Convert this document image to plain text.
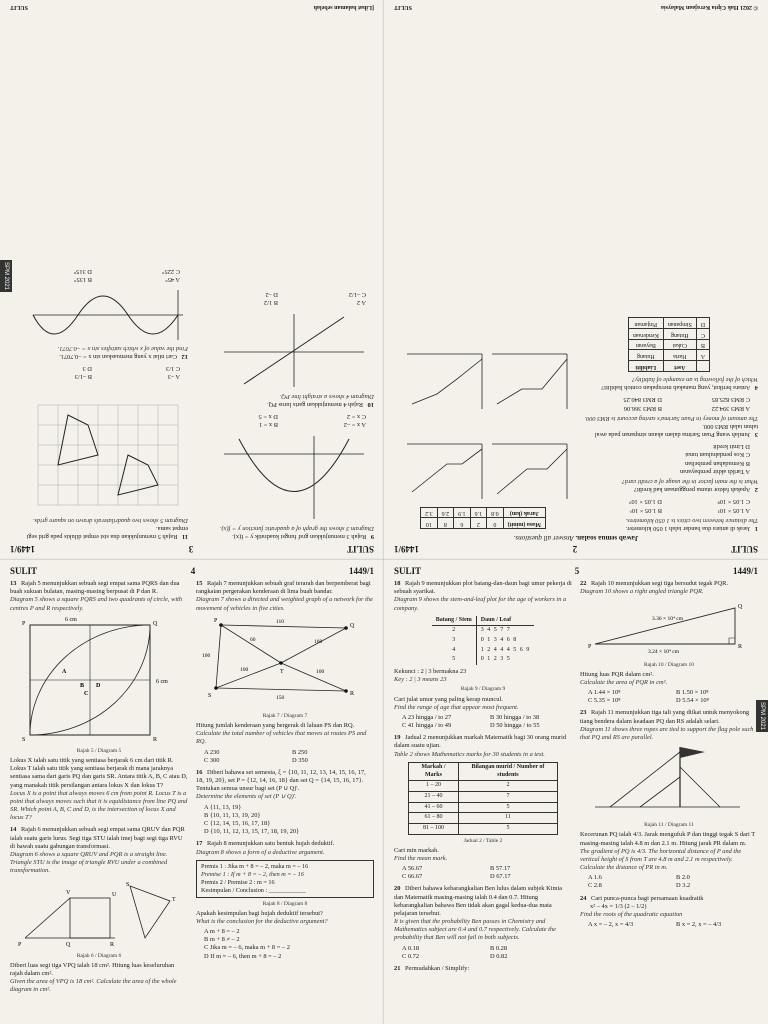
SULIT
3
1449/1
9 Rajah 3 menunjukkan graf fungsi kuadratik y = f(x).
Diagram 3 shows the graph of a quadratic function y = f(x).
A x = –2
B x = 1
C x = 2
D x = 5
10 Rajah 4 menunjukkan garis lurus PQ.
Diagram 4 shows a straight line PQ.
A 2
B 1/2
C –1/2
D –2
11 Rajah 5 menunjukkan dua sisi empat dilukis pada grid segi empat sama.
Diagram 5 shows two quadrilaterals drawn on square grids.
A –3
B –1/3
C 1/3
D 3
12 Cari nilai x yang memuaskan sin x = –0.7071.
Find the value of x which satisfies sin x = –0.7071.
A 45°
B 135°
C 225°
D 315°
[Lihat halaman sebelah
SULIT
SPM 2021
SULIT
2
1449/1
Jawab semua soalan. Answer all questions.
1 Jarak di antara dua bandar ialah 1 050 kilometer.
The distance between two cities is 1 050 kilometres.
A 1.05 × 10³
B 1.05 × 10⁶
C 1.05 × 10⁸
D 1.05 × 10⁹
2 Apakah faktor utama penggunaan kad kredit?
What is the main factor in the usage of a credit card?
A Tarikh akhir pembayaran
B Kemudahan pembelian
C Kos pendahuluan tunai
D Limit kredit
3 Jumlah wang Puan Sarima dalam akaun simpanan pada awal tahun ialah RM3 000.
The amount of money in Puan Sarima's saving account is RM3 000.
A RM3 394.22
B RM3 366.06
C RM3 825.85
D RM3 840.25
4 Antara berikut, yang manakah merupakan contoh liabiliti?
Which of the following is an example of liability?
	Aset	Liabiliti
A	Harta	Hutang
B	Cukai	Bayaran
C	Hutang	Kenderaan
D	Simpanan	Pinjaman
Masa (minit)	0	2	6	8	10
Jarak (km)	0.8	1.6	1.9	2.6	3.2
© 2021 Hak Cipta Kerajaan Malaysia
SULIT
SULIT	4	1449/1
13 Rajah 5 menunjukkan sebuah segi empat sama PQRS dan dua buah sukuan bulatan, masing-masing berpusat di P dan R.
Diagram 5 shows a square PQRS and two quadrants of circle, with centres P and R respectively.
6 cm
P	Q
R
S
A
B
C
D
6 cm
Rajah 5 / Diagram 5
Lokus X ialah satu titik yang sentiasa berjarak 6 cm dari titik R. Lokus T ialah satu titik yang sentiasa berjarak di mana jaraknya sentiasa sama dari garis PQ dan garis SR. Antara titik A, B, C atau D, yang manakah titik persilangan antara lokus X dan lokus T?
Locus X is a point that always moves 6 cm from point R. Locus T is a point that always moves such that it is equidistance from line PQ and SR. Which point A, B, C and D, is the intersection of locus X and locus T?
14 Rajah 6 menunjukkan sebuah segi empat sama QRUV dan PQR ialah suatu garis lurus. Segi tiga STU ialah imej bagi segi tiga RVU di bawah suatu gabungan transformasi.
Diagram 6 shows a square QRUV and PQR is a straight line. Triangle STU is the image of triangle RVU under a combined transformation.
P	Q	R
S
T
U
V
Rajah 6 / Diagram 6
Diberi luas segi tiga VPQ ialah 18 cm². Hitung luas keseluruhan rajah dalam cm².
Given the area of VPQ is 18 cm². Calculate the area of the whole diagram in cm².
15 Rajah 7 menunjukkan sebuah graf terarah dan berpemberat bagi rangkaian pergerakan kenderaan di lima buah bandar.
Diagram 7 shows a directed and weighted graph of a network for the movement of vehicles in five cities.
P
Q
R
S
T
110
60	160
100
100	100
150
Rajah 7 / Diagram 7
Hitung jumlah kenderaan yang bergerak di laluan PS dan RQ.
Calculate the total number of vehicles that moves at routes PS and RQ.
A 230	B 250
C 300	D 350
16 Diberi bahawa set semesta, ξ = {10, 11, 12, 13, 14, 15, 16, 17, 18, 19, 20}, set P = {12, 14, 16, 18} dan set Q = {14, 15, 16, 17}.
Tentukan semua unsur bagi set (P ∪ Q)'.
Determine the elements of set (P ∪ Q)'.
A {11, 13, 19}
B {10, 11, 13, 19, 20}
C {12, 14, 15, 16, 17, 18}
D {10, 11, 12, 13, 15, 17, 18, 19, 20}
17 Rajah 8 menunjukkan satu bentuk hujah deduktif.
Diagram 8 shows a form of a deductive argument.
Premis 1 : Jika m + 8 = – 2, maka m = – 16
Premise 1 : If m + 8 = – 2, then m = – 16
Premis 2 / Premise 2 : m = 16
Kesimpulan / Conclusion : ____________
Rajah 8 / Diagram 8
Apakah kesimpulan bagi hujah deduktif tersebut?
What is the conclusion for the deductive argument?
A m + 8 = – 2
B m + 8 ≠ – 2
C Jika m = – 6, maka m + 8 = – 2
D If m = – 6, then m + 8 = – 2
SULIT	5	1449/1
18 Rajah 9 menunjukkan plot batang-dan-daun bagi umur pekerja di sebuah syarikat.
Diagram 9 shows the stem-and-leaf plot for the age of workers in a company.
Batang / Stem	Daun / Leaf
2	3 4 5 7 7
3	0 1 3 4 6 8
4	1 2 4 4 4 5 6 9
5	0 1 2 3 5
Kekunci : 2 | 3 bermakna 23
Key : 2 | 3 means 23
Rajah 9 / Diagram 9
Cari julat umur yang paling kerap muncul.
Find the range of age that appear most frequent.
A 23 hingga / to 27	B 30 hingga / to 38
C 41 hingga / to 49	D 50 hingga / to 55
19 Jadual 2 menunjukkan markah Matematik bagi 30 orang murid dalam suatu ujian.
Table 2 shows Mathematics marks for 30 students in a test.
Markah / Marks	Bilangan murid / Number of students
1 – 20	2
21 – 40	7
41 – 60	5
61 – 80	11
81 – 100	5
Jadual 2 / Table 2
Cari min markah.
Find the mean mark.
A 56.67	B 57.17
C 66.67	D 67.17
20 Diberi bahawa kebarangkalian Ben lulus dalam subjek Kimia dan Matematik masing-masing ialah 0.4 dan 0.7. Hitung kebarangkalian bahawa Ben tidak akan gagal kedua-dua mata pelajaran tersebut.
It is given that the probability Ben passes in Chemistry and Mathematics subject are 0.4 and 0.7 respectively. Calculate the probability that Ben will not fail in both subjects.
A 0.18	B 0.28
C 0.72	D 0.82
21 Permudahkan / Simplify:
22 Rajah 10 menunjukkan segi tiga bersudut tegak PQR.
Diagram 10 shows a right angled triangle PQR.
P
Q
R
3.36 × 10⁴ cm
3.24 × 10⁴ cm
Rajah 10 / Diagram 10
Hitung luas PQR dalam cm².
Calculate the area of PQR in cm².
A 1.44 × 10⁸	B 1.50 × 10⁸
C 5.35 × 10⁸	D 5.54 × 10⁸
23 Rajah 11 menunjukkan tiga tali yang diikat untuk menyokong tiang bendera dalam keadaan PQ dan RS adalah selari.
Diagram 11 shows three ropes are tied to support the flag pole such that PQ and RS are parallel.
Rajah 11 / Diagram 11
Kecerunan PQ ialah 4/3. Jarak mengufuk P dan tinggi tegak S dari T masing-masing ialah 4.8 m dan 2.1 m. Hitung jarak PR dalam m.
The gradient of PQ is 4/3. The horizontal distance of P and the vertical height of S from T are 4.8 m and 2.1 m respectively. Calculate the distance of PR in m.
A 1.6	B 2.0
C 2.8	D 3.2
24 Cari punca-punca bagi persamaan kuadratik
x² – 4x = 1/3 (2 – 1/2)
Find the roots of the quadratic equation
A x = – 2, x = 4/3	B x = 2, x = – 4/3
SPM 2021
